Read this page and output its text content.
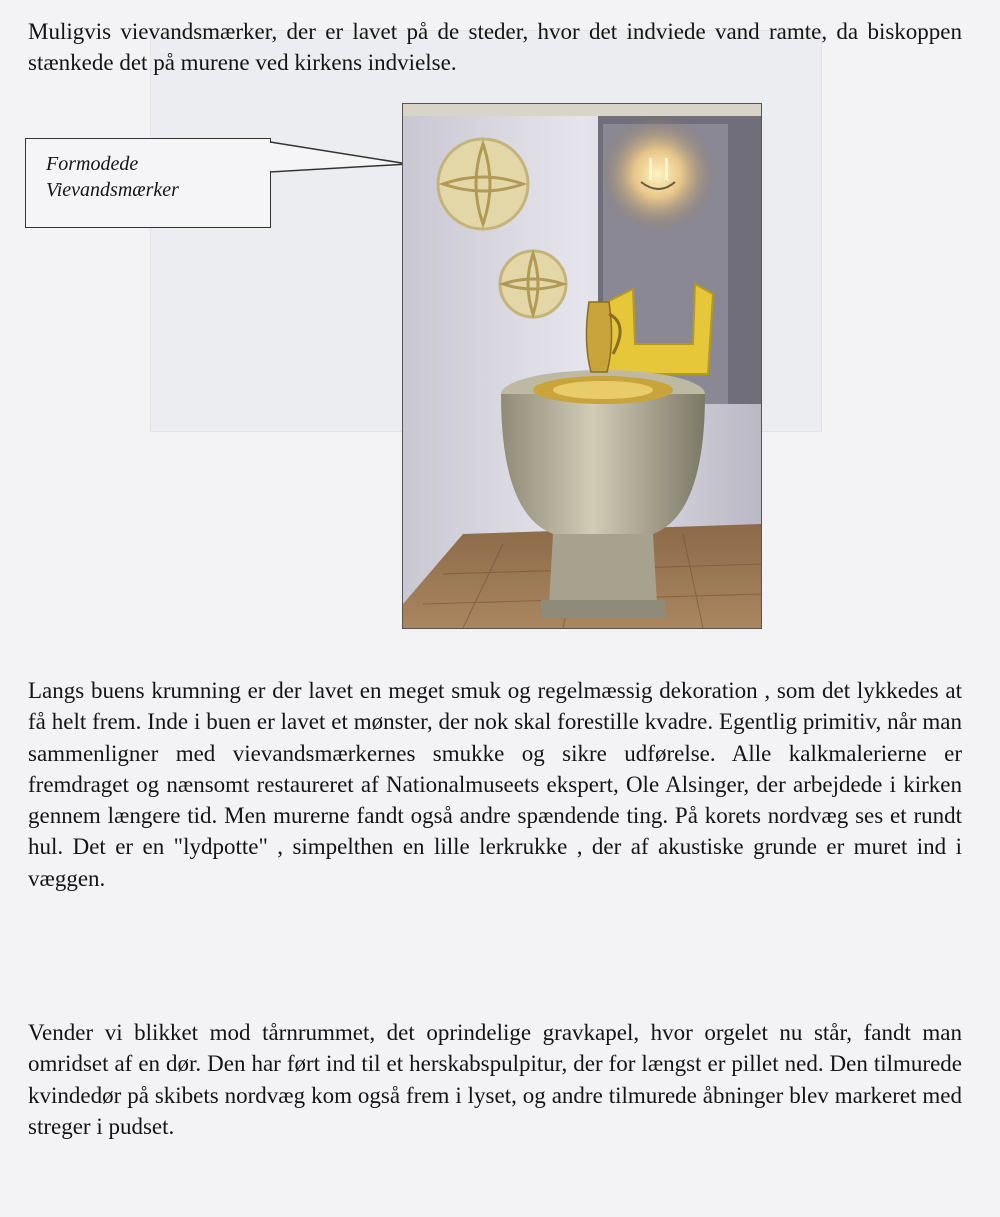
Muligvis vievandsmærker, der er lavet på de steder, hvor det indviede vand ramte, da biskoppen stænkede det på murene ved kirkens indvielse.

Formodede
Vievandsmærker

Langs buens krumning er der lavet en meget smuk og regelmæssig dekoration , som det lykkedes at få helt frem. Inde i buen er lavet et mønster, der nok skal forestille kvadre. Egentlig primitiv, når man sammenligner med vievandsmærkernes smukke og sikre udførelse. Alle kalkmalerierne er fremdraget og nænsomt restaureret af Nationalmuseets ekspert, Ole Alsinger, der arbejdede i kirken gennem længere tid. Men murerne fandt også andre spændende ting. På korets nordvæg ses et rundt hul. Det er en "lydpotte" , simpelthen en lille lerkrukke , der af akustiske grunde er muret ind i væggen.

Vender vi blikket mod tårnrummet, det oprindelige gravkapel, hvor orgelet nu står, fandt man omridset af en dør. Den har ført ind til et herskabspulpitur, der for længst er pillet ned. Den tilmurede kvindedør på skibets nordvæg kom også frem i lyset, og andre tilmurede åbninger blev markeret med streger i pudset.
